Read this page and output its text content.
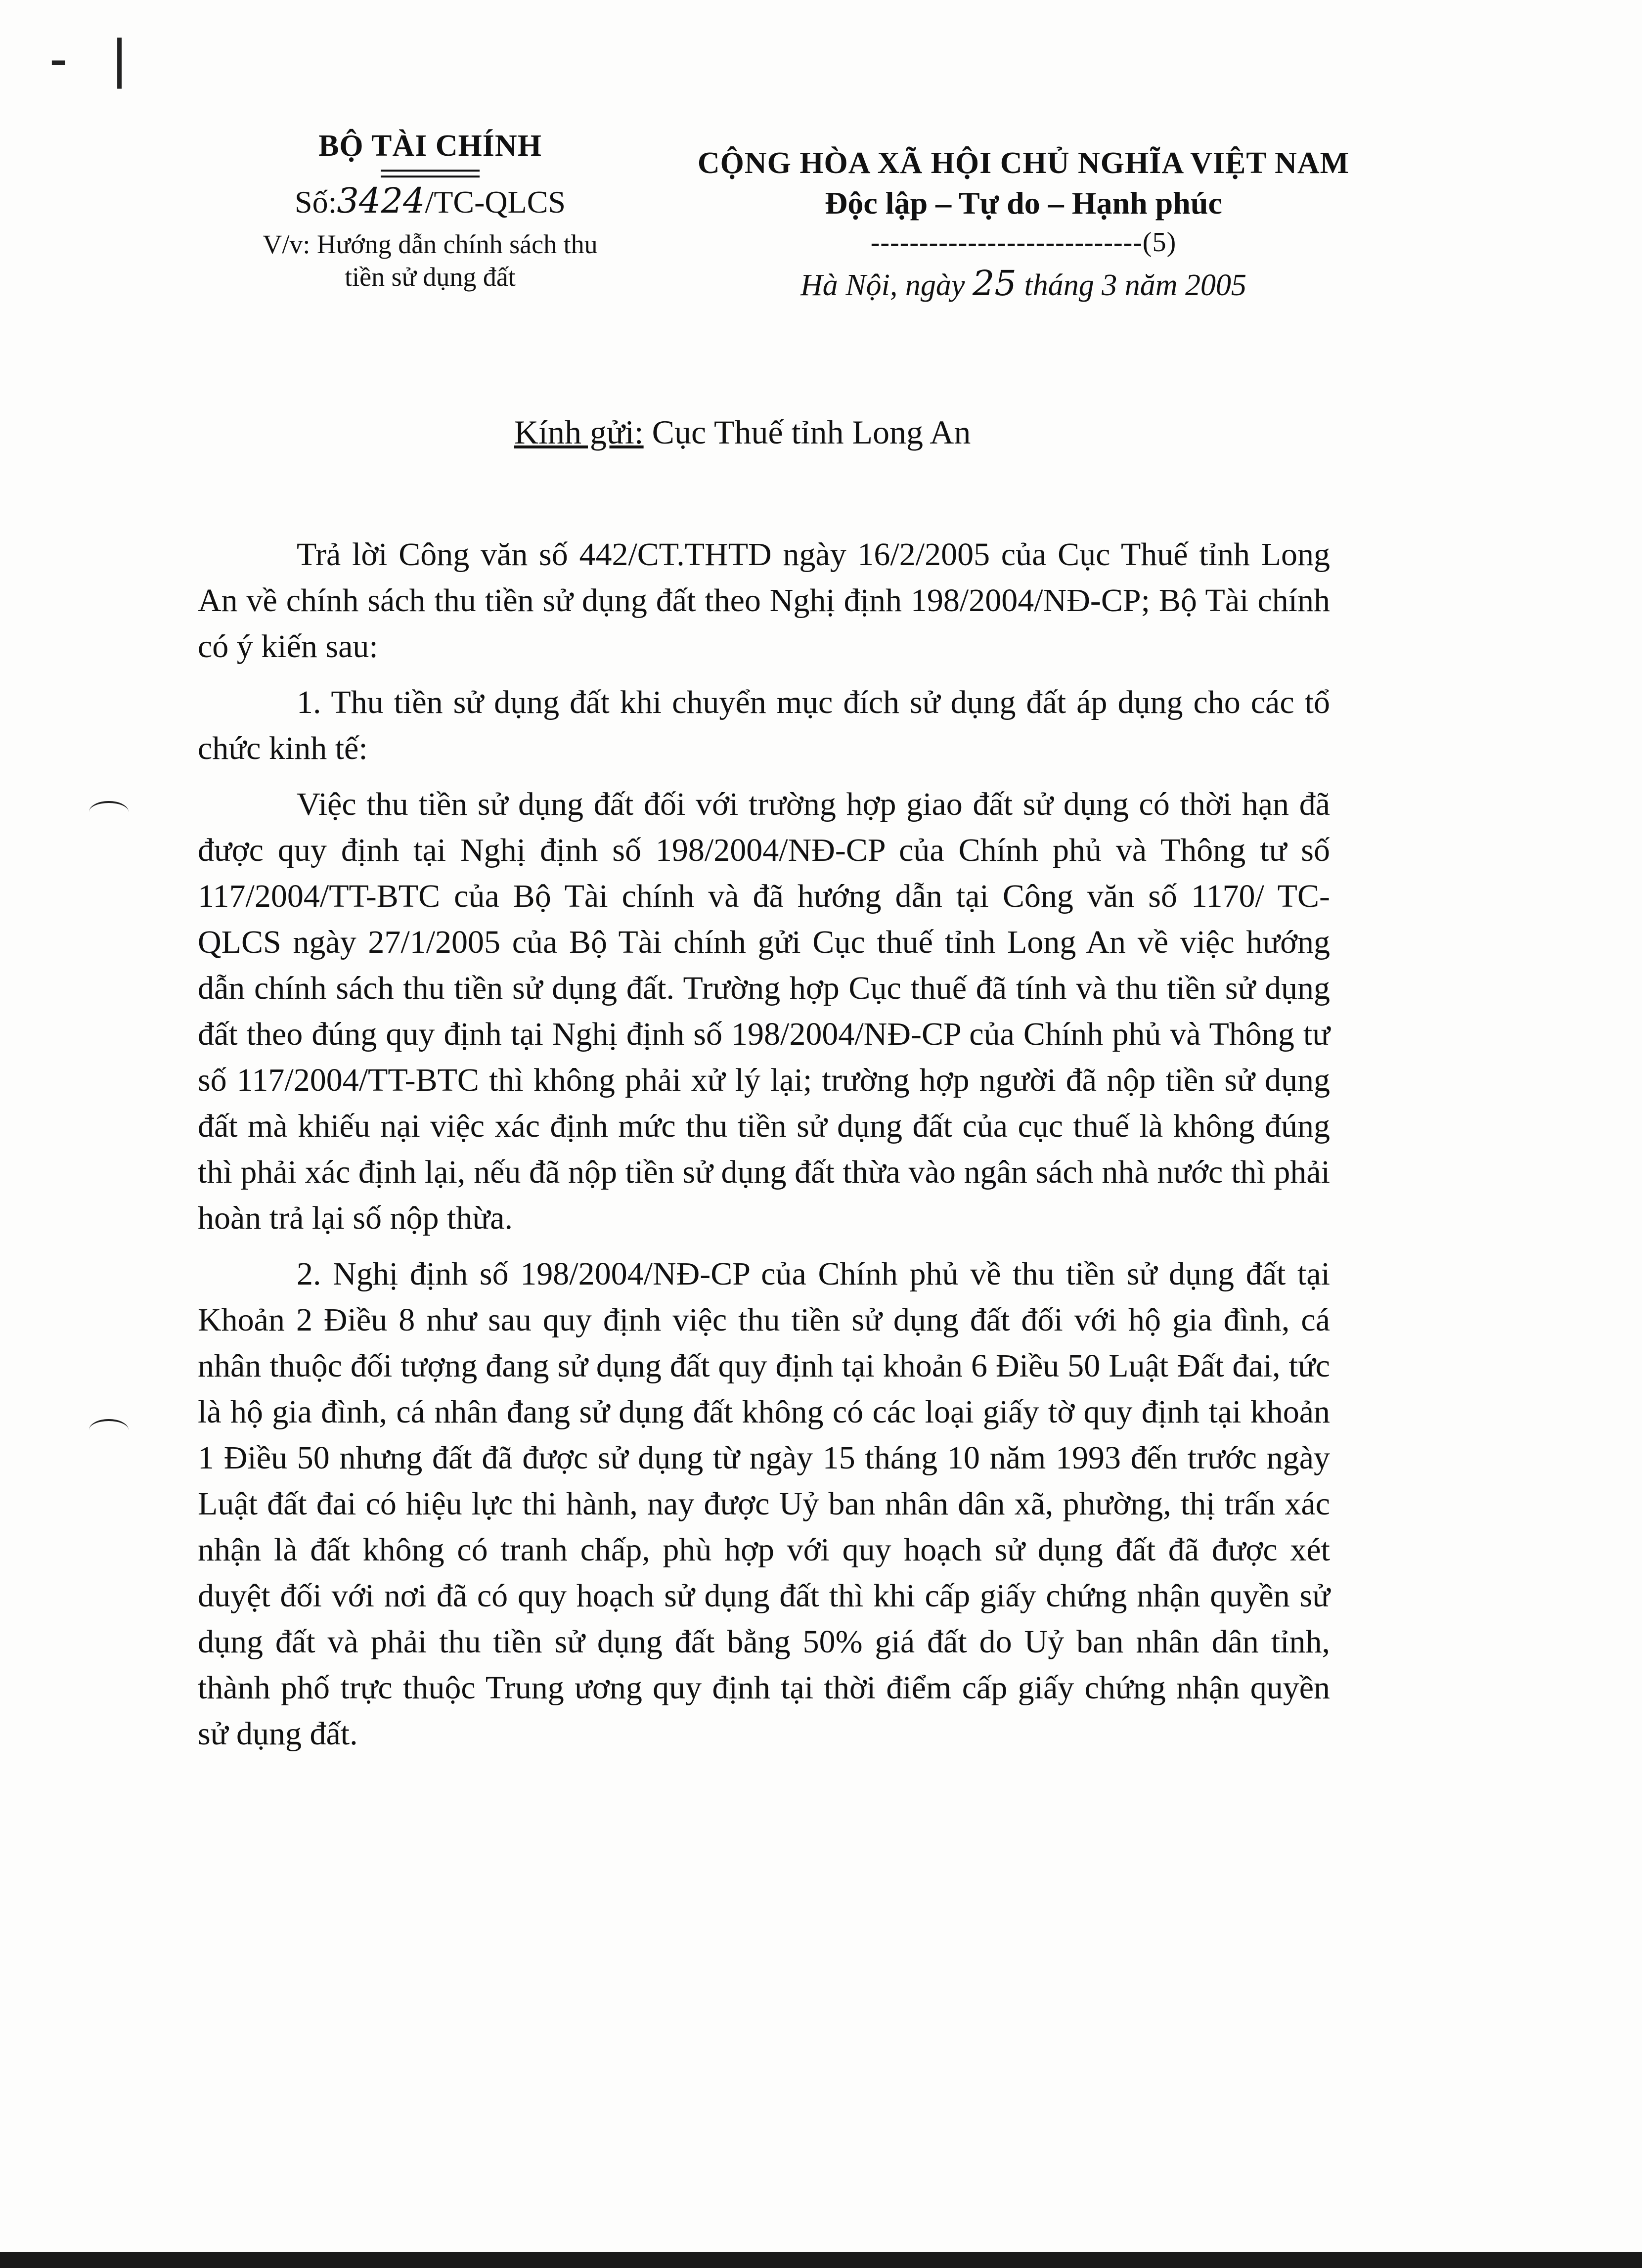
- |
BỘ TÀI CHÍNH
Số:3424/TC-QLCS
V/v: Hướng dẫn chính sách thu
tiền sử dụng đất
CỘNG HÒA XÃ HỘI CHỦ NGHĨA VIỆT NAM
Độc lập – Tự do – Hạnh phúc
----------------------------(5)
Hà Nội, ngày 25 tháng 3 năm 2005
Kính gửi: Cục Thuế tỉnh Long An

Trả lời Công văn số 442/CT.THTD ngày 16/2/2005 của Cục Thuế tỉnh Long An về chính sách thu tiền sử dụng đất theo Nghị định 198/2004/NĐ-CP; Bộ Tài chính có ý kiến sau:

1. Thu tiền sử dụng đất khi chuyển mục đích sử dụng đất áp dụng cho các tổ chức kinh tế:

Việc thu tiền sử dụng đất đối với trường hợp giao đất sử dụng có thời hạn đã được quy định tại Nghị định số 198/2004/NĐ-CP của Chính phủ và Thông tư số 117/2004/TT-BTC của Bộ Tài chính và đã hướng dẫn tại Công văn số 1170/ TC-QLCS ngày 27/1/2005 của Bộ Tài chính gửi Cục thuế tỉnh Long An về việc hướng dẫn chính sách thu tiền sử dụng đất. Trường hợp Cục thuế đã tính và thu tiền sử dụng đất theo đúng quy định tại Nghị định số 198/2004/NĐ-CP của Chính phủ và Thông tư số 117/2004/TT-BTC thì không phải xử lý lại; trường hợp người đã nộp tiền sử dụng đất mà khiếu nại việc xác định mức thu tiền sử dụng đất của cục thuế là không đúng thì phải xác định lại, nếu đã nộp tiền sử dụng đất thừa vào ngân sách nhà nước thì phải hoàn trả lại số nộp thừa.

2. Nghị định số 198/2004/NĐ-CP của Chính phủ về thu tiền sử dụng đất tại Khoản 2 Điều 8 như sau quy định việc thu tiền sử dụng đất đối với hộ gia đình, cá nhân thuộc đối tượng đang sử dụng đất quy định tại khoản 6 Điều 50 Luật Đất đai, tức là hộ gia đình, cá nhân đang sử dụng đất không có các loại giấy tờ quy định tại khoản 1 Điều 50 nhưng đất đã được sử dụng từ ngày 15 tháng 10 năm 1993 đến trước ngày Luật đất đai có hiệu lực thi hành, nay được Uỷ ban nhân dân xã, phường, thị trấn xác nhận là đất không có tranh chấp, phù hợp với quy hoạch sử dụng đất đã được xét duyệt đối với nơi đã có quy hoạch sử dụng đất thì khi cấp giấy chứng nhận quyền sử dụng đất và phải thu tiền sử dụng đất bằng 50% giá đất do Uỷ ban nhân dân tỉnh, thành phố trực thuộc Trung ương quy định tại thời điểm cấp giấy chứng nhận quyền sử dụng đất.
